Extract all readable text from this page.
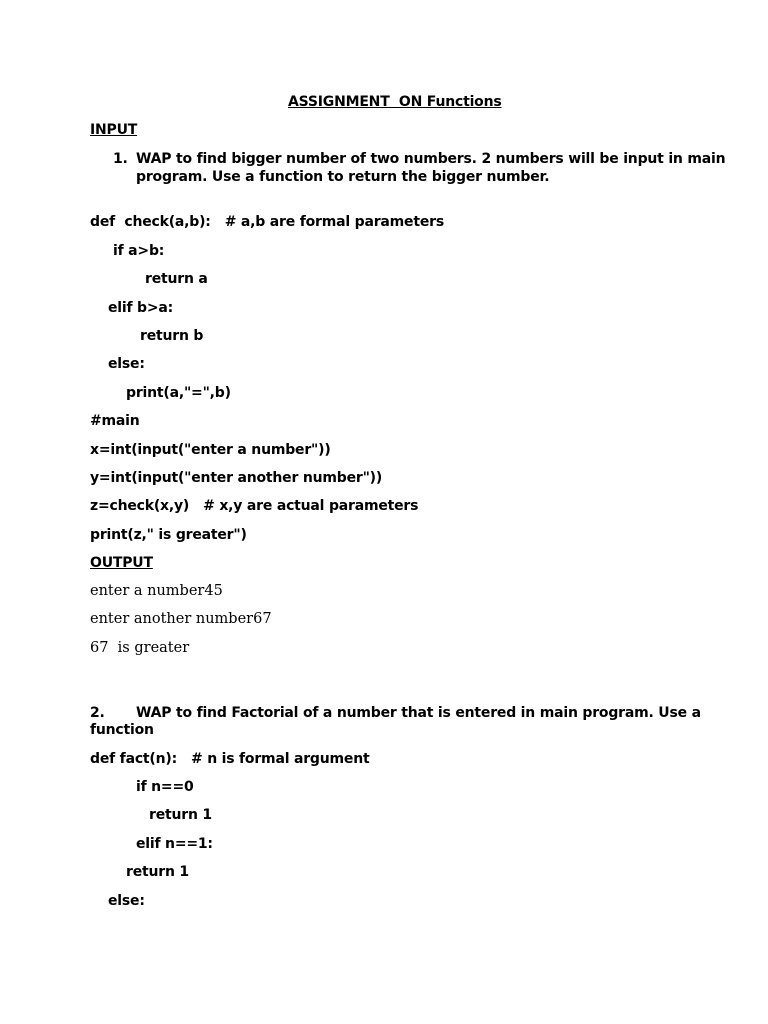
ASSIGNMENT  ON Functions
INPUT
1. WAP to find bigger number of two numbers. 2 numbers will be input in main
program. Use a function to return the bigger number.
def  check(a,b):   # a,b are formal parameters
if a>b:
return a
elif b>a:
return b
else:
print(a,"=",b)
#main
x=int(input("enter a number"))
y=int(input("enter another number"))
z=check(x,y)   # x,y are actual parameters
print(z," is greater")
OUTPUT
enter a number45
enter another number67
67  is greater
2. WAP to find Factorial of a number that is entered in main program. Use a
function
def fact(n):   # n is formal argument
if n==0
return 1
elif n==1:
return 1
else:
